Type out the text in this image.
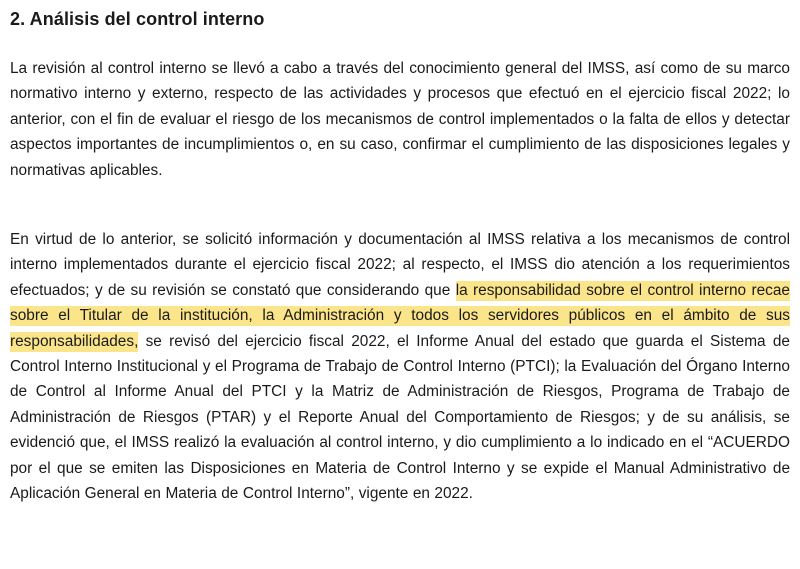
2. Análisis del control interno

La revisión al control interno se llevó a cabo a través del conocimiento general del IMSS, así como de su marco normativo interno y externo, respecto de las actividades y procesos que efectuó en el ejercicio fiscal 2022; lo anterior, con el fin de evaluar el riesgo de los mecanismos de control implementados o la falta de ellos y detectar aspectos importantes de incumplimientos o, en su caso, confirmar el cumplimiento de las disposiciones legales y normativas aplicables.

En virtud de lo anterior, se solicitó información y documentación al IMSS relativa a los mecanismos de control interno implementados durante el ejercicio fiscal 2022; al respecto, el IMSS dio atención a los requerimientos efectuados; y de su revisión se constató que considerando que la responsabilidad sobre el control interno recae sobre el Titular de la institución, la Administración y todos los servidores públicos en el ámbito de sus responsabilidades, se revisó del ejercicio fiscal 2022, el Informe Anual del estado que guarda el Sistema de Control Interno Institucional y el Programa de Trabajo de Control Interno (PTCI); la Evaluación del Órgano Interno de Control al Informe Anual del PTCI y la Matriz de Administración de Riesgos, Programa de Trabajo de Administración de Riesgos (PTAR) y el Reporte Anual del Comportamiento de Riesgos; y de su análisis, se evidenció que, el IMSS realizó la evaluación al control interno, y dio cumplimiento a lo indicado en el “ACUERDO por el que se emiten las Disposiciones en Materia de Control Interno y se expide el Manual Administrativo de Aplicación General en Materia de Control Interno”, vigente en 2022.
